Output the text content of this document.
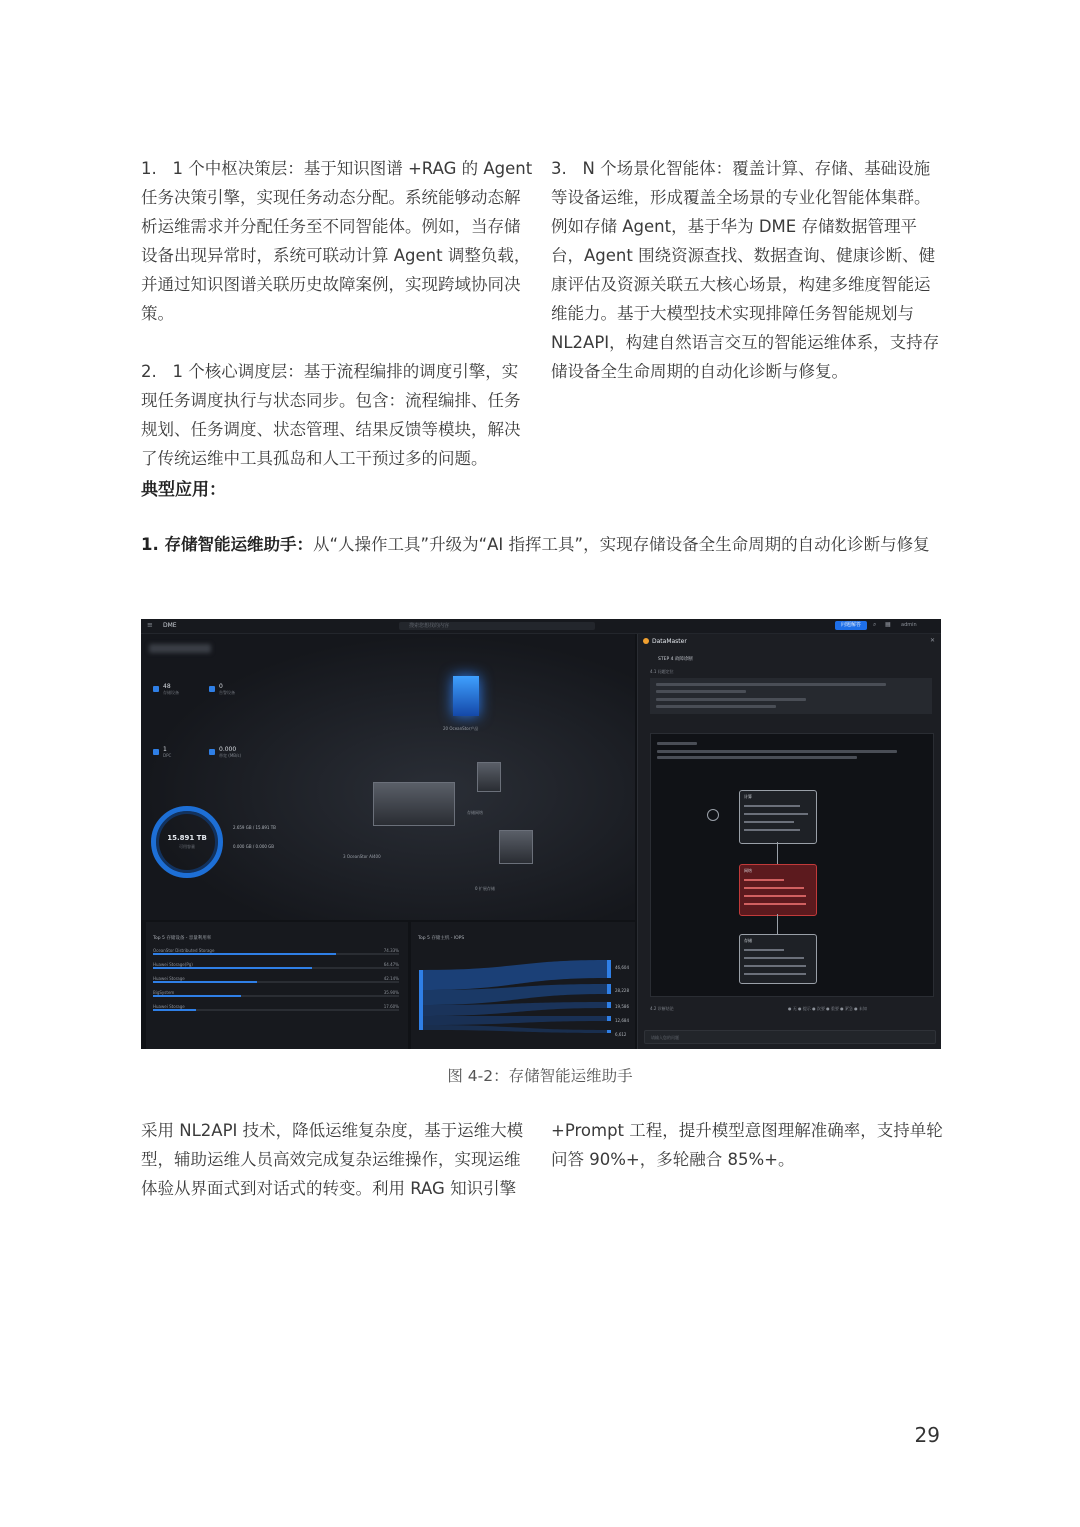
1.   1 个中枢决策层：基于知识图谱 +RAG 的 Agent 任务决策引擎，实现任务动态分配。系统能够动态解析运维需求并分配任务至不同智能体。例如，当存储设备出现异常时，系统可联动计算 Agent 调整负载，并通过知识图谱关联历史故障案例，实现跨域协同决策。

2.   1 个核心调度层：基于流程编排的调度引擎，实现任务调度执行与状态同步。包含：流程编排、任务规划、任务调度、状态管理、结果反馈等模块，解决了传统运维中工具孤岛和人工干预过多的问题。

3.   N 个场景化智能体：覆盖计算、存储、基础设施等设备运维，形成覆盖全场景的专业化智能体集群。例如存储 Agent，基于华为 DME 存储数据管理平台，Agent 围绕资源查找、数据查询、健康诊断、健康评估及资源关联五大核心场景，构建多维度智能运维能力。基于大模型技术实现排障任务智能规划与 NL2API，构建自然语言交互的智能运维体系，支持存储设备全生命周期的自动化诊断与修复。

典型应用：
1. 存储智能运维助手：从“人操作工具”升级为“AI 指挥工具”，实现存储设备全生命周期的自动化诊断与修复
≡ DME	搜索您想找的内容	问题解答	⌕ ▦ admin
48
存储设备
0
告警设备
1
DPC
0.000
带宽 (MB/s)
15.891 TB
可用容量
2.659 GB / 15.891 TB
0.000 GB / 0.000 GB
20 OceanStor产品
存储网络
3 OceanStor AI400
0 扩展存储
Top 5 存储设备 - 容量利用率
OceanStor Distributed Storage	74.33%
Huawei Storage(Pg)	64.47%
Huawei Storage	42.14%
BigSystem	35.90%
Huawei Storage	17.60%
Top 5 存储主机 - IOPS
46,604
28,228
19,586
12,684
6,612
DataMaster	✕
STEP 4 故障诊断
4.1 问题定位
计算
网络
存储
4.2 诊断结论	● 无 ● 提示 ● 次要 ● 重要 ● 紧急 ● 未知
请输入您的问题
图 4-2：存储智能运维助手

采用 NL2API 技术，降低运维复杂度，基于运维大模型，辅助运维人员高效完成复杂运维操作，实现运维体验从界面式到对话式的转变。利用 RAG 知识引擎

+Prompt 工程，提升模型意图理解准确率，支持单轮问答 90%+，多轮融合 85%+。

29
